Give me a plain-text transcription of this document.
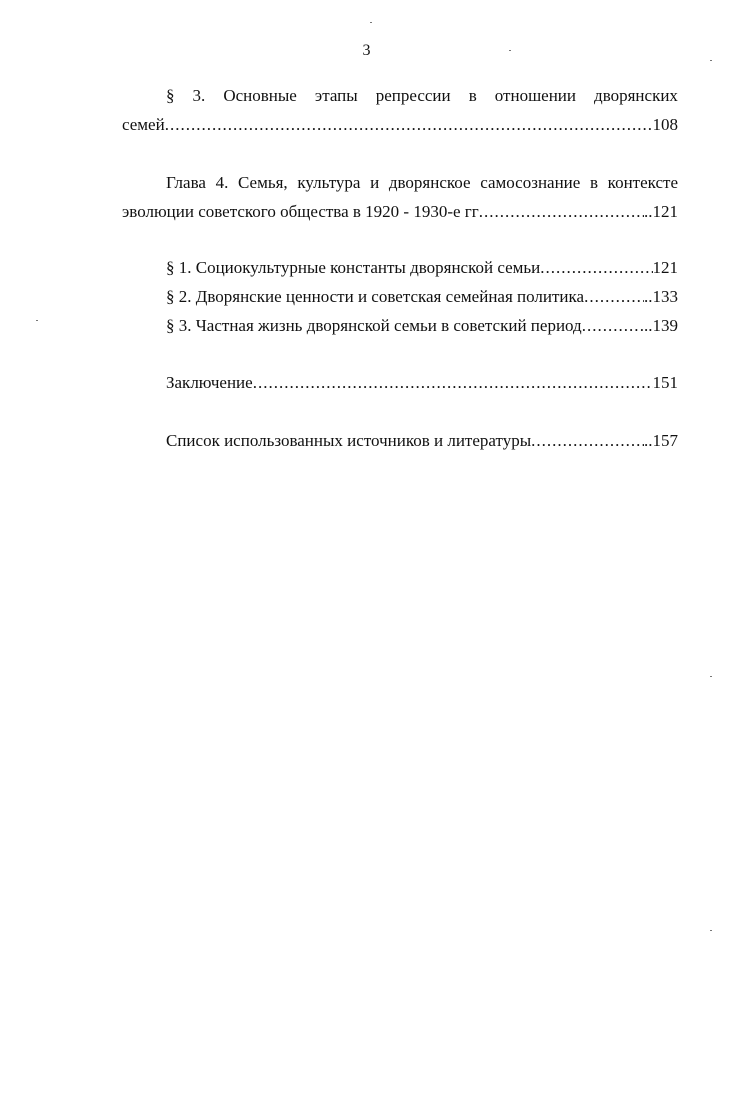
3
§ 3. Основные этапы репрессии в отношении дворянских
семей .....	108
Глава 4. Семья, культура и дворянское самосознание в контексте
эволюции советского общества в 1920 - 1930-е гг .....	..121
§ 1. Социокультурные константы дворянской семьи .....	121
§ 2. Дворянские ценности и советская семейная политика .....	..133
§ 3. Частная жизнь дворянской семьи в советский период .....	...139
Заключение .....	151
Список использованных источников и литературы .....	..157
